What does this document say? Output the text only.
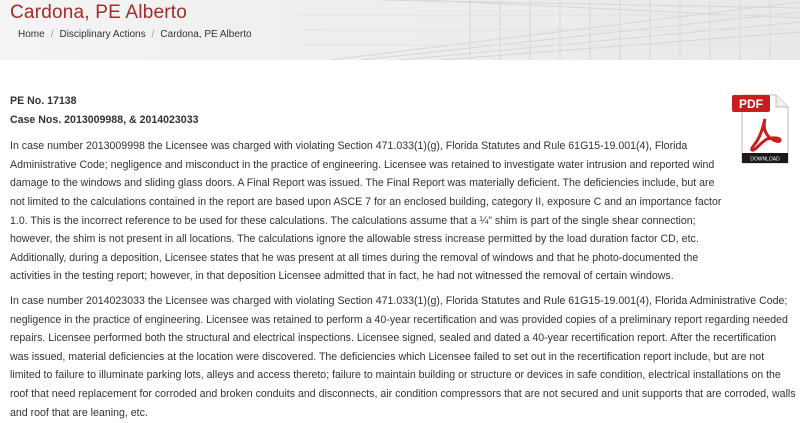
Cardona, PE Alberto
Home / Disciplinary Actions / Cardona, PE Alberto
PDF
DOWNLOAD

PE No. 17138

Case Nos. 2013009988, & 2014023033

In case number 2013009998 the Licensee was charged with violating Section 471.033(1)(g), Florida Statutes and Rule 61G15-19.001(4), Florida Administrative Code; negligence and misconduct in the practice of engineering. Licensee was retained to investigate water intrusion and reported wind damage to the windows and sliding glass doors. A Final Report was issued. The Final Report was materially deficient. The deficiencies include, but are not limited to the calculations contained in the report are based upon ASCE 7 for an enclosed building, category II, exposure C and an importance factor 1.0. This is the incorrect reference to be used for these calculations. The calculations assume that a ¼” shim is part of the single shear connection; however, the shim is not present in all locations. The calculations ignore the allowable stress increase permitted by the load duration factor CD, etc. Additionally, during a deposition, Licensee states that he was present at all times during the removal of windows and that he photo-documented the activities in the testing report; however, in that deposition Licensee admitted that in fact, he had not witnessed the removal of certain windows.

In case number 2014023033 the Licensee was charged with violating Section 471.033(1)(g), Florida Statutes and Rule 61G15-19.001(4), Florida Administrative Code; negligence in the practice of engineering. Licensee was retained to perform a 40-year recertification and was provided copies of a preliminary report regarding needed repairs. Licensee performed both the structural and electrical inspections. Licensee signed, sealed and dated a 40-year recertification report. After the recertification was issued, material deficiencies at the location were discovered. The deficiencies which Licensee failed to set out in the recertification report include, but are not limited to failure to illuminate parking lots, alleys and access thereto; failure to maintain building or structure or devices in safe condition, electrical installations on the roof that need replacement for corroded and broken conduits and disconnects, air condition compressors that are not secured and unit supports that are corroded, walls and roof that are leaning, etc.
